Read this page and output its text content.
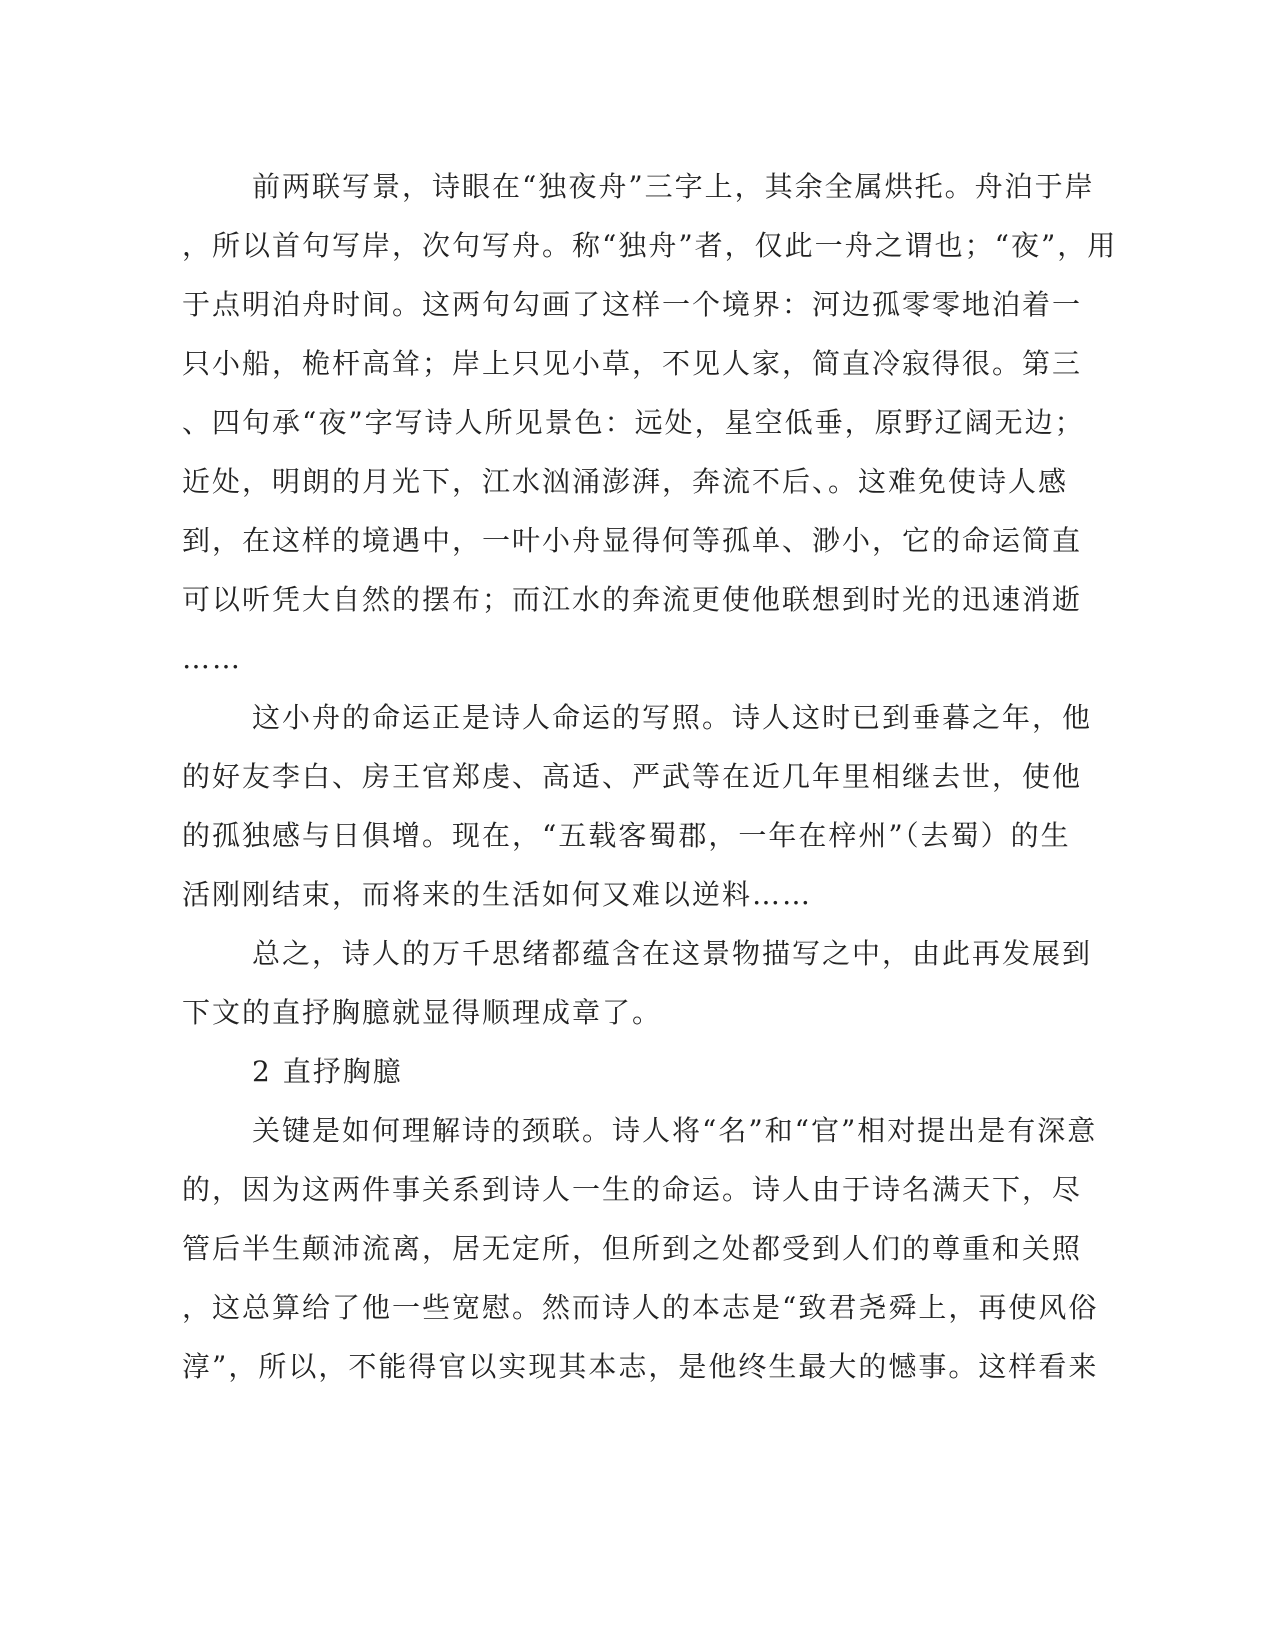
前两联写景，诗眼在“独夜舟”三字上，其余全属烘托。舟泊于岸
，所以首句写岸，次句写舟。称“独舟”者，仅此一舟之谓也；“夜”，用
于点明泊舟时间。这两句勾画了这样一个境界：河边孤零零地泊着一
只小船，桅杆高耸；岸上只见小草，不见人家，简直冷寂得很。第三
、四句承“夜”字写诗人所见景色：远处，星空低垂，原野辽阔无边；
近处，明朗的月光下，江水汹涌澎湃，奔流不后、。这难免使诗人感
到，在这样的境遇中，一叶小舟显得何等孤单、渺小，它的命运简直
可以听凭大自然的摆布；而江水的奔流更使他联想到时光的迅速消逝
……
这小舟的命运正是诗人命运的写照。诗人这时已到垂暮之年，他
的好友李白、房王官郑虔、高适、严武等在近几年里相继去世，使他
的孤独感与日俱增。现在，“五载客蜀郡，一年在梓州”（去蜀）的生
活刚刚结束，而将来的生活如何又难以逆料……
总之，诗人的万千思绪都蕴含在这景物描写之中，由此再发展到
下文的直抒胸臆就显得顺理成章了。
2 直抒胸臆
关键是如何理解诗的颈联。诗人将“名”和“官”相对提出是有深意
的，因为这两件事关系到诗人一生的命运。诗人由于诗名满天下，尽
管后半生颠沛流离，居无定所，但所到之处都受到人们的尊重和关照
，这总算给了他一些宽慰。然而诗人的本志是“致君尧舜上，再使风俗
淳”，所以，不能得官以实现其本志，是他终生最大的憾事。这样看来
